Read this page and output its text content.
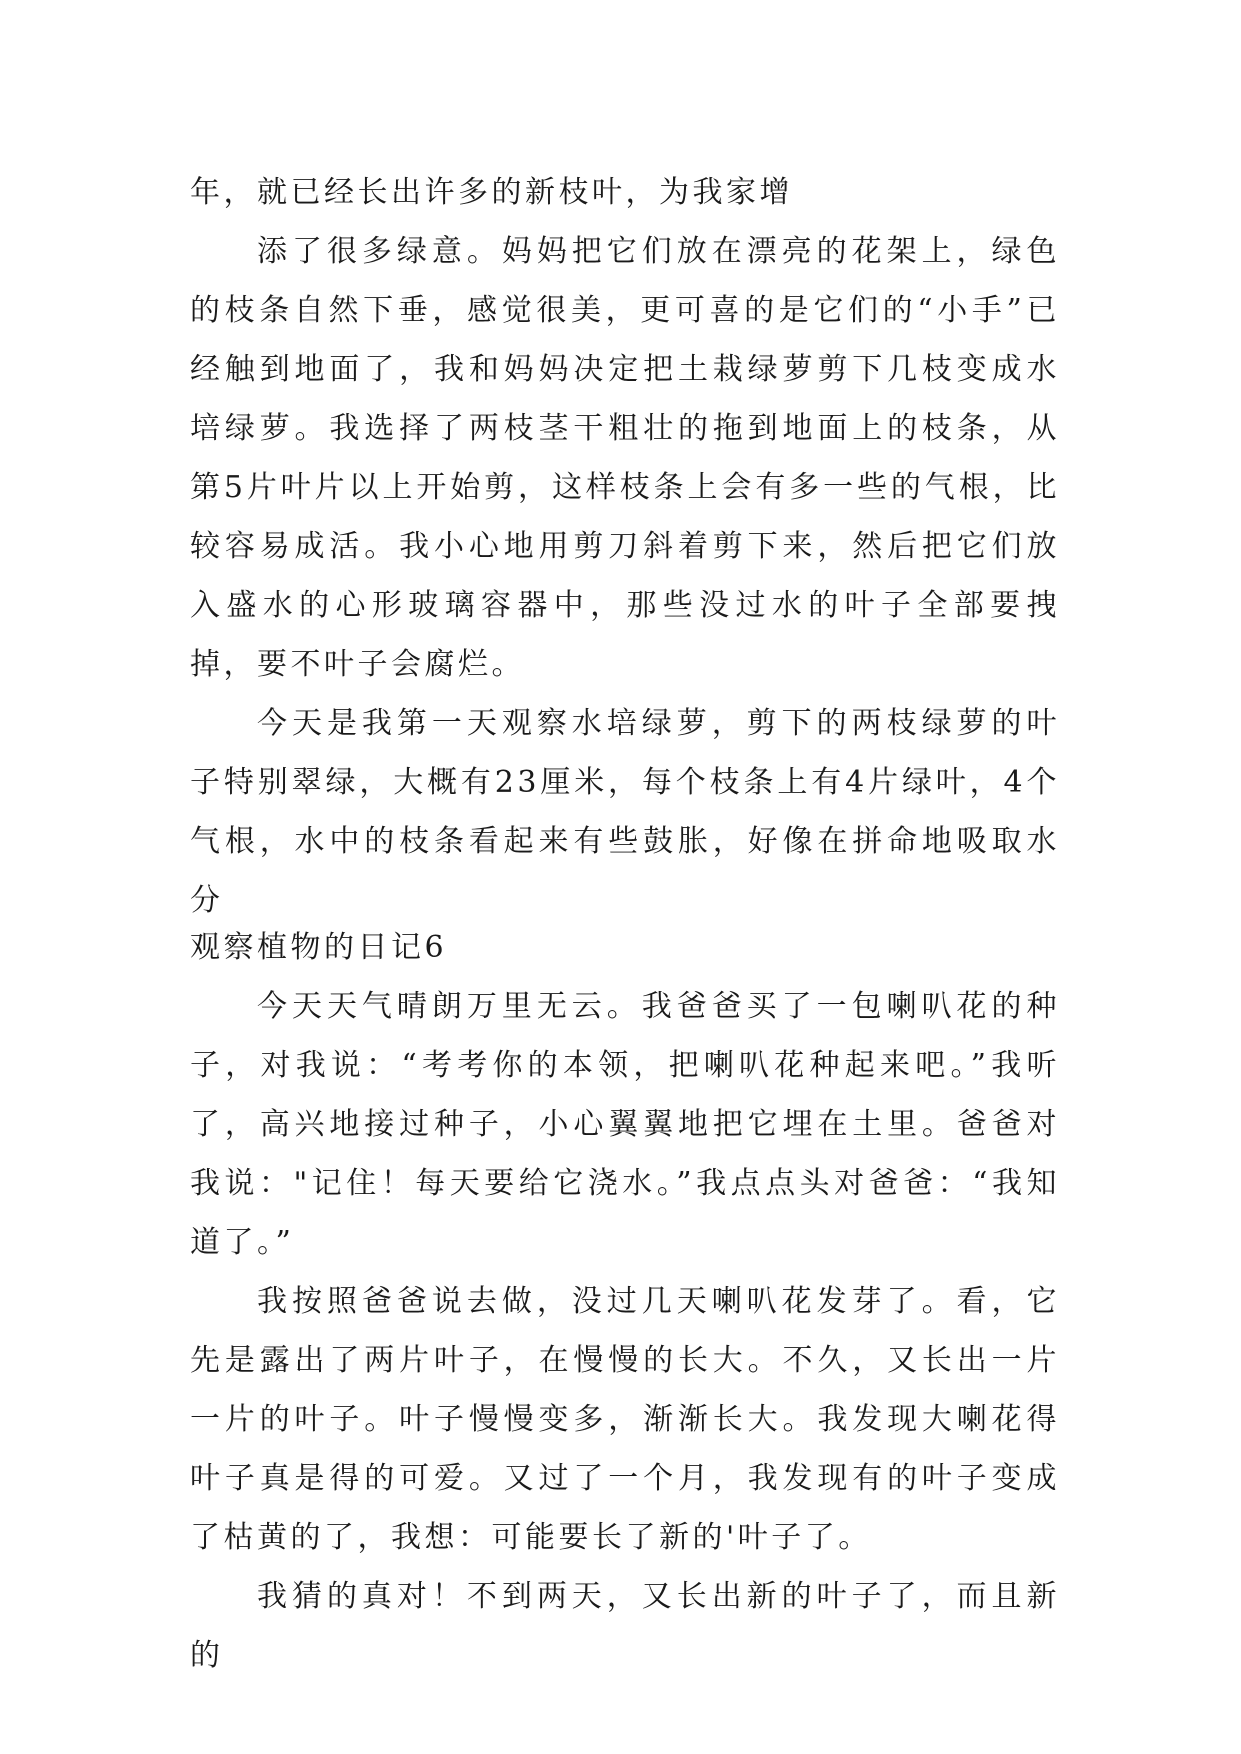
年，就已经长出许多的新枝叶，为我家增

添了很多绿意。妈妈把它们放在漂亮的花架上，绿色的枝条自然下垂，感觉很美，更可喜的是它们的“小手”已经触到地面了，我和妈妈决定把土栽绿萝剪下几枝变成水培绿萝。我选择了两枝茎干粗壮的拖到地面上的枝条，从第5片叶片以上开始剪，这样枝条上会有多一些的气根，比较容易成活。我小心地用剪刀斜着剪下来，然后把它们放入盛水的心形玻璃容器中，那些没过水的叶子全部要拽掉，要不叶子会腐烂。

今天是我第一天观察水培绿萝，剪下的两枝绿萝的叶子特别翠绿，大概有23厘米，每个枝条上有4片绿叶，4个气根，水中的枝条看起来有些鼓胀，好像在拼命地吸取水分

观察植物的日记6

今天天气晴朗万里无云。我爸爸买了一包喇叭花的种子，对我说：“考考你的本领，把喇叭花种起来吧。”我听了，高兴地接过种子，小心翼翼地把它埋在土里。爸爸对我说："记住！每天要给它浇水。”我点点头对爸爸：“我知道了。”

我按照爸爸说去做，没过几天喇叭花发芽了。看，它先是露出了两片叶子，在慢慢的长大。不久，又长出一片一片的叶子。叶子慢慢变多，渐渐长大。我发现大喇花得叶子真是得的可爱。又过了一个月，我发现有的叶子变成了枯黄的了，我想：可能要长了新的'叶子了。

我猜的真对！不到两天，又长出新的叶子了，而且新的
